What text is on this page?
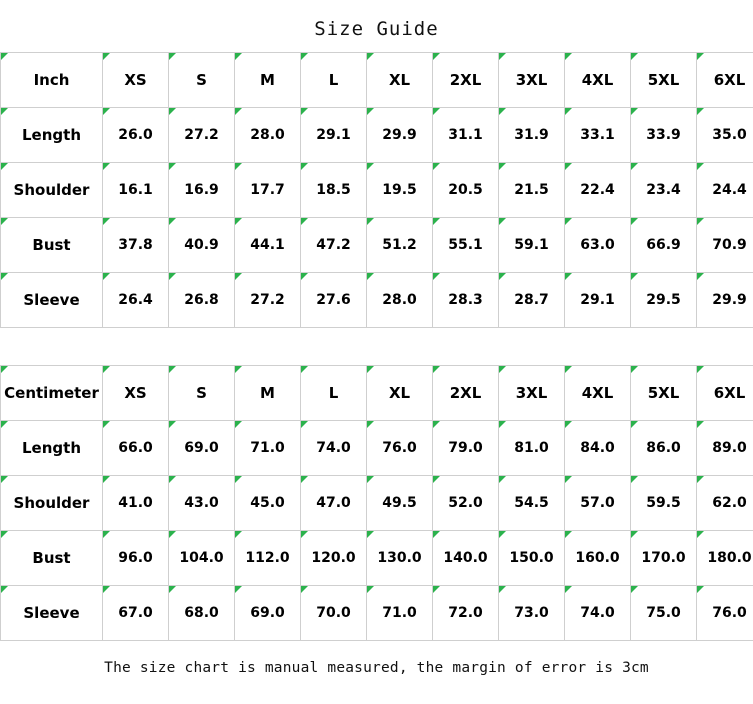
Size Guide
Inch	XS	S	M	L	XL	2XL	3XL	4XL	5XL	6XL

Length	26.0	27.2	28.0	29.1	29.9	31.1	31.9	33.1	33.9	35.0

Shoulder	16.1	16.9	17.7	18.5	19.5	20.5	21.5	22.4	23.4	24.4

Bust	37.8	40.9	44.1	47.2	51.2	55.1	59.1	63.0	66.9	70.9

Sleeve	26.4	26.8	27.2	27.6	28.0	28.3	28.7	29.1	29.5	29.9
Centimeter	XS	S	M	L	XL	2XL	3XL	4XL	5XL	6XL

Length	66.0	69.0	71.0	74.0	76.0	79.0	81.0	84.0	86.0	89.0

Shoulder	41.0	43.0	45.0	47.0	49.5	52.0	54.5	57.0	59.5	62.0

Bust	96.0	104.0	112.0	120.0	130.0	140.0	150.0	160.0	170.0	180.0

Sleeve	67.0	68.0	69.0	70.0	71.0	72.0	73.0	74.0	75.0	76.0
The size chart is manual measured, the margin of error is 3cm
